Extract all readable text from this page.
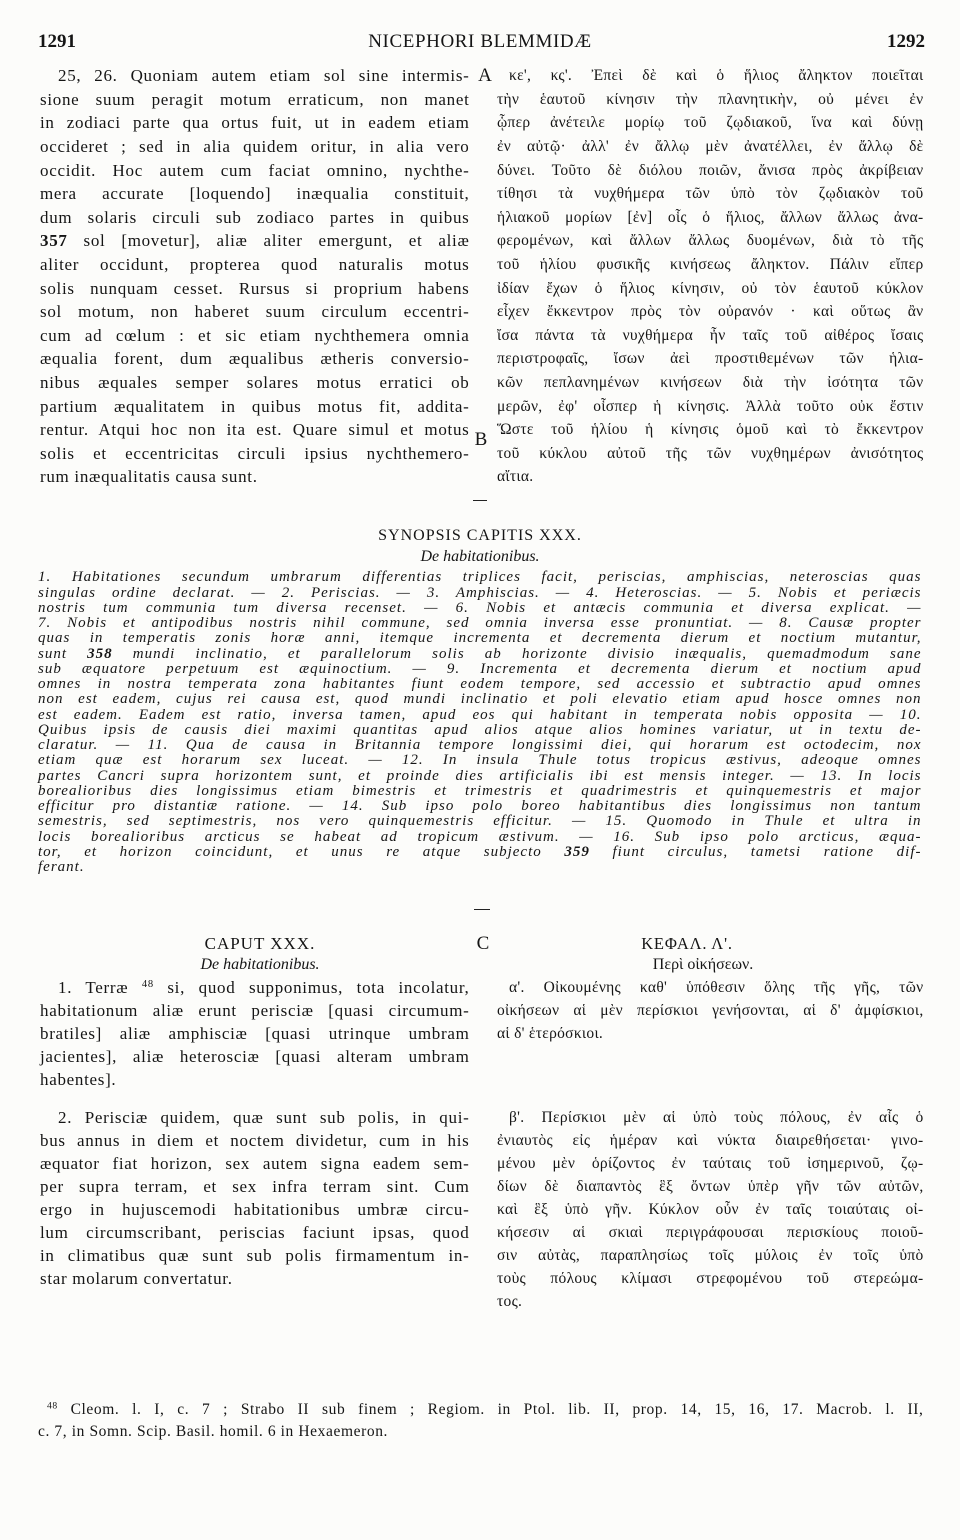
1291	NICEPHORI BLEMMIDÆ	1292
A
B
C
25, 26. Quoniam autem etiam sol sine intermis-
sione suum peragit motum erraticum, non manet
in zodiaci parte qua ortus fuit, ut in eadem etiam
occideret ; sed in alia quidem oritur, in alia vero
occidit. Hoc autem cum faciat omnino, nychthe-
mera accurate [loquendo] inæqualia constituit,
dum solaris circuli sub zodiaco partes in quibus
357 sol [movetur], aliæ aliter emergunt, et aliæ
aliter occidunt, propterea quod naturalis motus
solis nunquam cesset. Rursus si proprium habens
sol motum, non haberet suum circulum eccentri-
cum ad cœlum : et sic etiam nychthemera omnia
æqualia forent, dum æqualibus ætheris conversio-
nibus æquales semper solares motus erratici ob
partium æqualitatem in quibus motus fit, addita-
rentur. Atqui hoc non ita est. Quare simul et motus
solis et eccentricitas circuli ipsius nychthemero-
rum inæqualitatis causa sunt.
κε', κς'. Ἐπεὶ δὲ καὶ ὁ ἥλιος ἄληκτον ποιεῖται
τὴν ἑαυτοῦ κίνησιν τὴν πλανητικὴν, οὐ μένει ἐν
ᾧπερ ἀνέτειλε μορίῳ τοῦ ζῳδιακοῦ, ἵνα καὶ δύνῃ
ἐν αὐτῷ· ἀλλ' ἐν ἄλλῳ μὲν ἀνατέλλει, ἐν ἄλλῳ δὲ
δύνει. Τοῦτο δὲ διόλου ποιῶν, ἄνισα πρὸς ἀκρίβειαν
τίθησι τὰ νυχθήμερα τῶν ὑπὸ τὸν ζῳδιακὸν τοῦ
ἡλιακοῦ μορίων [ἐν] οἷς ὁ ἥλιος, ἄλλων ἄλλως ἀνα-
φερομένων, καὶ ἄλλων ἄλλως δυομένων, διὰ τὸ τῆς
τοῦ ἡλίου φυσικῆς κινήσεως ἄληκτον. Πάλιν εἴπερ
ἰδίαν ἔχων ὁ ἥλιος κίνησιν, οὐ τὸν ἑαυτοῦ κύκλον
εἶχεν ἔκκεντρον πρὸς τὸν οὐρανόν · καὶ οὕτως ἂν
ἴσα πάντα τὰ νυχθήμερα ἦν ταῖς τοῦ αἰθέρος ἴσαις
περιστροφαῖς, ἴσων ἀεὶ προστιθεμένων τῶν ἡλια-
κῶν πεπλανημένων κινήσεων διὰ τὴν ἰσότητα τῶν
μερῶν, ἐφ' οἷσπερ ἡ κίνησις. Ἀλλὰ τοῦτο οὐκ ἔστιν
Ὥστε τοῦ ἡλίου ἡ κίνησις ὁμοῦ καὶ τὸ ἔκκεντρον
τοῦ κύκλου αὐτοῦ τῆς τῶν νυχθημέρων ἀνισότητος
αἴτια.
SYNOPSIS CAPITIS XXX.
De habitationibus.
1. Habitationes secundum umbrarum differentias triplices facit, periscias, amphiscias, neteroscias quas
singulas ordine declarat. — 2. Periscias. — 3. Amphiscias. — 4. Heteroscias. — 5. Nobis et periæcis
nostris tum communia tum diversa recenset. — 6. Nobis et antæcis communia et diversa explicat. —
7. Nobis et antipodibus nostris nihil commune, sed omnia inversa esse pronuntiat. — 8. Causæ propter
quas in temperatis zonis horæ anni, itemque incrementa et decrementa dierum et noctium mutantur,
sunt 358 mundi inclinatio, et parallelorum solis ab horizonte divisio inæqualis, quemadmodum sane
sub æquatore perpetuum est æquinoctium. — 9. Incrementa et decrementa dierum et noctium apud
omnes in nostra temperata zona habitantes fiunt eodem tempore, sed accessio et subtractio apud omnes
non est eadem, cujus rei causa est, quod mundi inclinatio et poli elevatio etiam apud hosce omnes non
est eadem. Eadem est ratio, inversa tamen, apud eos qui habitant in temperata nobis opposita — 10.
Quibus ipsis de causis diei maximi quantitas apud alios atque alios homines variatur, ut in textu de-
claratur. — 11. Qua de causa in Britannia tempore longissimi diei, qui horarum est octodecim, nox
etiam quæ est horarum sex luceat. — 12. In insula Thule totus tropicus æstivus, adeoque omnes
partes Cancri supra horizontem sunt, et proinde dies artificialis ibi est mensis integer. — 13. In locis
borealioribus dies longissimus etiam bimestris et trimestris et quadrimestris et quinquemestris et major
efficitur pro distantiæ ratione. — 14. Sub ipso polo boreo habitantibus dies longissimus non tantum
semestris, sed septimestris, nos vero quinquemestris efficitur. — 15. Quomodo in Thule et ultra in
locis borealioribus arcticus se habeat ad tropicum æstivum. — 16. Sub ipso polo arcticus, æqua-
tor, et horizon coincidunt, et unus re atque subjecto 359 fiunt circulus, tametsi ratione dif-
ferant.
CAPUT XXX.
De habitationibus.
ΚΕΦΑΛ. Λ'.
Περὶ οἰκήσεων.
1. Terræ $^{48}$ si, quod supponimus, tota incolatur,
habitationum aliæ erunt perisciæ [quasi circumum-
bratiles] aliæ amphisciæ [quasi utrinque umbram
jacientes], aliæ heterosciæ [quasi alteram umbram
habentes].
2. Perisciæ quidem, quæ sunt sub polis, in qui-
bus annus in diem et noctem dividetur, cum in his
æquator fiat horizon, sex autem signa eadem sem-
per supra terram, et sex infra terram sint. Cum
ergo in hujuscemodi habitationibus umbræ circu-
lum circumscribant, periscias faciunt ipsas, quod
in climatibus quæ sunt sub polis firmamentum in-
star molarum convertatur.
α'. Οἰκουμένης καθ' ὑπόθεσιν ὅλης τῆς γῆς, τῶν
οἰκήσεων αἱ μὲν περίσκιοι γενήσονται, αἱ δ' ἀμφίσκιοι,
αἱ δ' ἑτερόσκιοι.
β'. Περίσκιοι μὲν αἱ ὑπὸ τοὺς πόλους, ἐν αἷς ὁ
ἐνιαυτὸς εἰς ἡμέραν καὶ νύκτα διαιρεθήσεται· γινο-
μένου μὲν ὁρίζοντος ἐν ταύταις τοῦ ἰσημερινοῦ, ζῳ-
δίων δὲ διαπαντὸς ἓξ ὄντων ὑπὲρ γῆν τῶν αὐτῶν,
καὶ ἓξ ὑπὸ γῆν. Κύκλον οὖν ἐν ταῖς τοιαύταις οἰ-
κήσεσιν αἱ σκιαὶ περιγράφουσαι περισκίους ποιοῦ-
σιν αὐτὰς, παραπλησίως τοῖς μύλοις ἐν τοῖς ὑπὸ
τοὺς πόλους κλίμασι στρεφομένου τοῦ στερεώμα-
τος.
$^{48}$ Cleom. l. I, c. 7 ; Strabo II sub finem ; Regiom. in Ptol. lib. II, prop. 14, 15, 16, 17. Macrob. l. II,
c. 7, in Somn. Scip. Basil. homil. 6 in Hexaemeron.
